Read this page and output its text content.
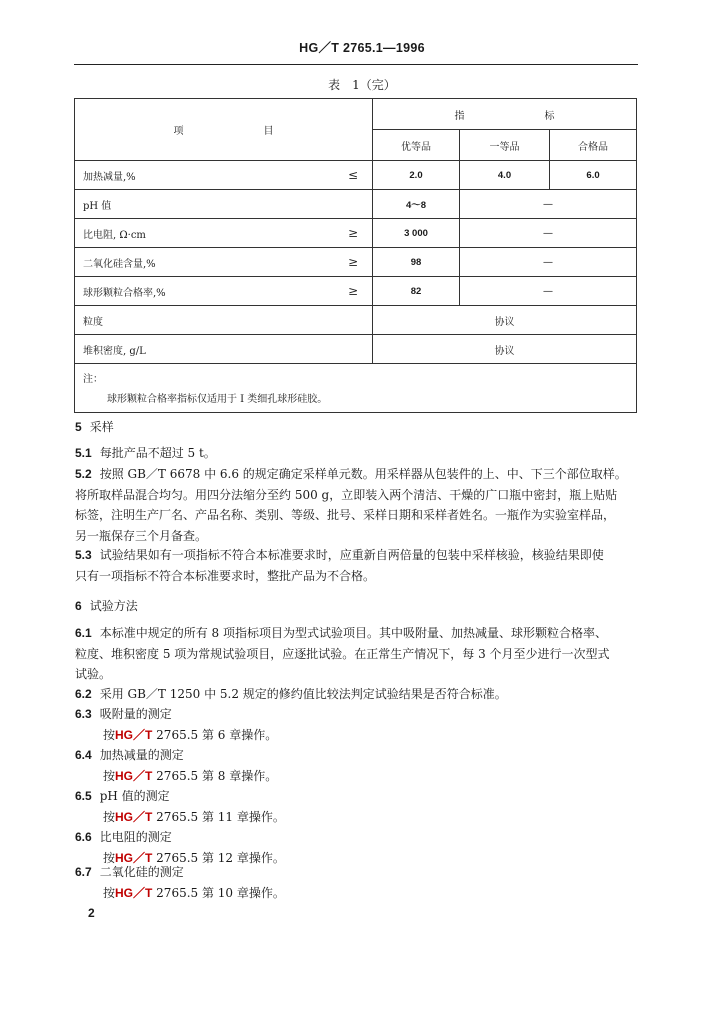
HG／T 2765.1—1996
表　1（完）
项　　　　　　　　目	指　　　　　　　　标		
	优等品	一等品	合格品

加热减量,% ≤	2.0	4.0	6.0

pH 值	4～8	—	

比电阻, Ω·cm ≥	3 000	—	

二氧化硅含量,% ≥	98	—	

球形颗粒合格率,% ≥	82	—	
粒度	协议		
堆积密度, g/L	协议		

注：
球形颗粒合格率指标仅适用于 I 类细孔球形硅胶。			
5 采样
5.1 每批产品不超过 5 t。
5.2 按照 GB／T 6678 中 6.6 的规定确定采样单元数。用采样器从包装件的上、中、下三个部位取样。
将所取样品混合均匀。用四分法缩分至约 500 g，立即装入两个清洁、干燥的广口瓶中密封，瓶上贴贴
标签，注明生产厂名、产品名称、类别、等级、批号、采样日期和采样者姓名。一瓶作为实验室样品，
另一瓶保存三个月备查。
5.3 试验结果如有一项指标不符合本标准要求时，应重新自两倍量的包装中采样核验，核验结果即使
只有一项指标不符合本标准要求时，整批产品为不合格。
6 试验方法
6.1 本标准中规定的所有 8 项指标项目为型式试验项目。其中吸附量、加热减量、球形颗粒合格率、
粒度、堆积密度 5 项为常规试验项目，应逐批试验。在正常生产情况下，每 3 个月至少进行一次型式
试验。
6.2 采用 GB／T 1250 中 5.2 规定的修约值比较法判定试验结果是否符合标准。
6.3 吸附量的测定
按HG／T 2765.5 第 6 章操作。
6.4 加热减量的测定
按HG／T 2765.5 第 8 章操作。
6.5 pH 值的测定
按HG／T 2765.5 第 11 章操作。
6.6 比电阻的测定
按HG／T 2765.5 第 12 章操作。
6.7 二氧化硅的测定
按HG／T 2765.5 第 10 章操作。
2
